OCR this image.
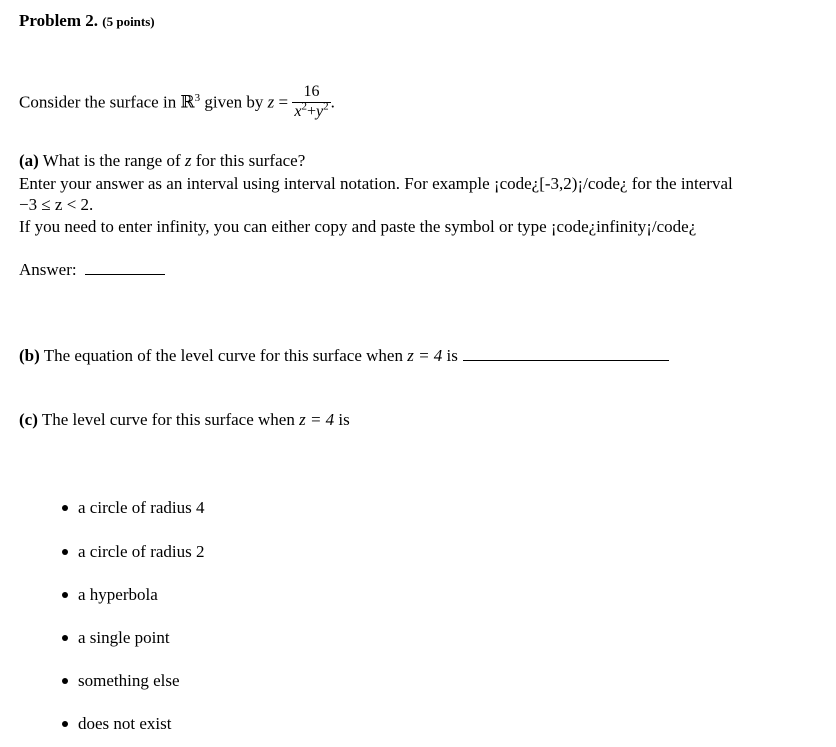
Problem 2. (5 points)
Consider the surface in ℝ$^3$ given by $z = \frac{16}{x^2+y^2}$ .
(a) What is the range of z for this surface?
Enter your answer as an interval using interval notation. For example ¡code¿[-3,2)¡/code¿ for the interval
−3 ≤ z < 2.
If you need to enter infinity, you can either copy and paste the symbol or type ¡code¿infinity¡/code¿
Answer:
(b) The equation of the level curve for this surface when z = 4 is
(c) The level curve for this surface when z = 4 is
a circle of radius 4
a circle of radius 2
a hyperbola
a single point
something else
does not exist
